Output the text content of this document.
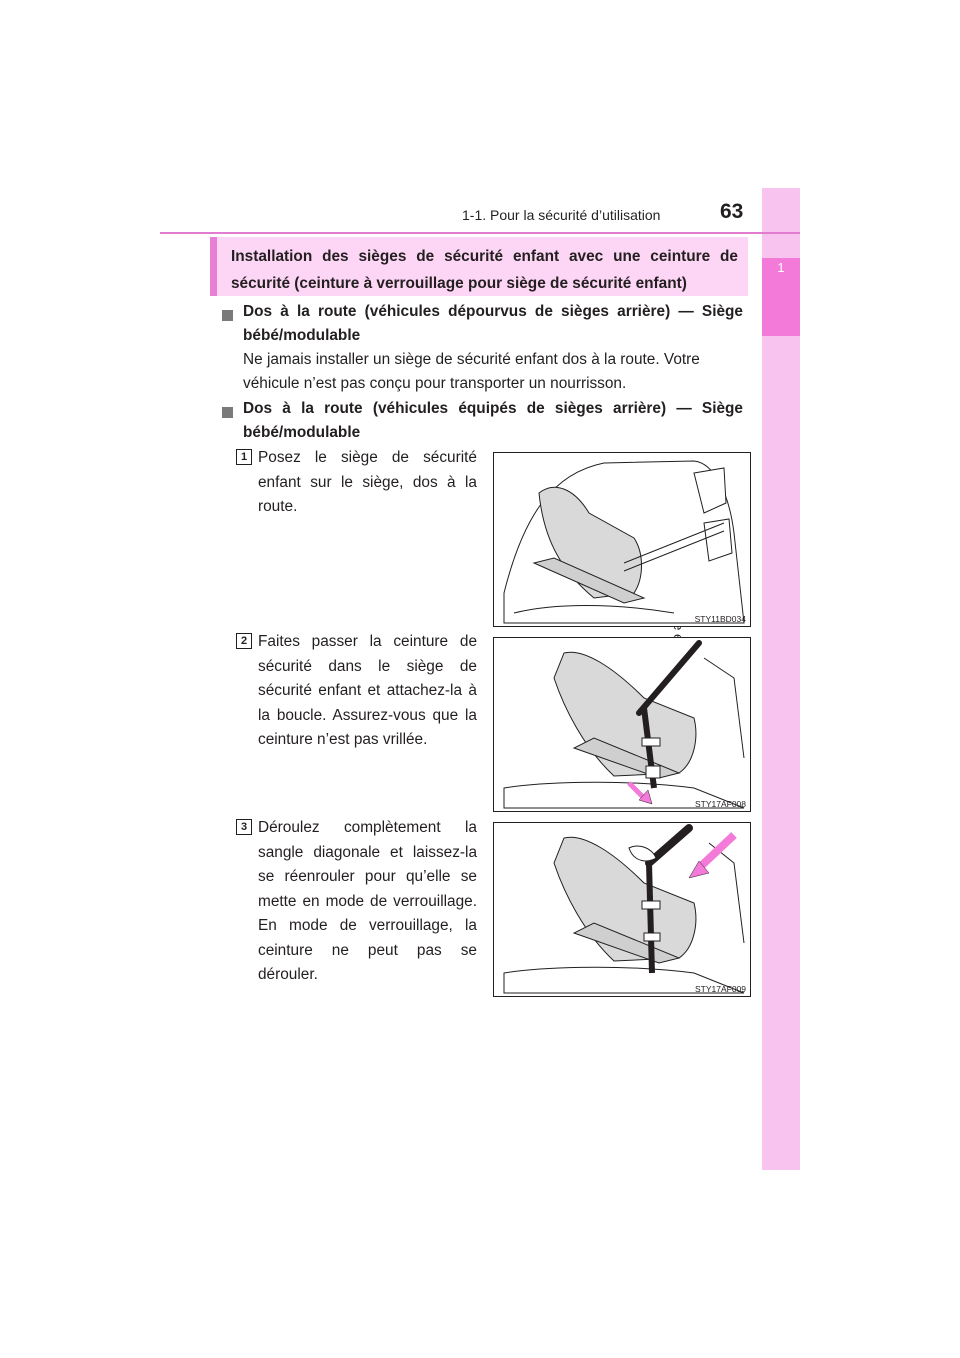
1
1-1. Pour la sécurité d’utilisation	63
Installation des sièges de sécurité enfant avec une ceinture de sécurité (ceinture à verrouillage pour siège de sécurité enfant)
Dos à la route (véhicules dépourvus de sièges arrière) — Siège bébé/modulable
Ne jamais installer un siège de sécurité enfant dos à la route. Votre véhicule n’est pas conçu pour transporter un nourrisson.
Dos à la route (véhicules équipés de sièges arrière) — Siège bébé/modulable
1 Posez le siège de sécurité enfant sur le siège, dos à la route.
STY11BD034
2 Faites passer la ceinture de sécurité dans le siège de sécurité enfant et attachez-la à la boucle. Assurez-vous que la ceinture n’est pas vrillée.
STY17AF008
3 Déroulez complètement la sangle diagonale et laissez-la se réenrouler pour qu’elle se mette en mode de verrouillage. En mode de verrouillage, la ceinture ne peut pas se dérouler.
STY17AF009
